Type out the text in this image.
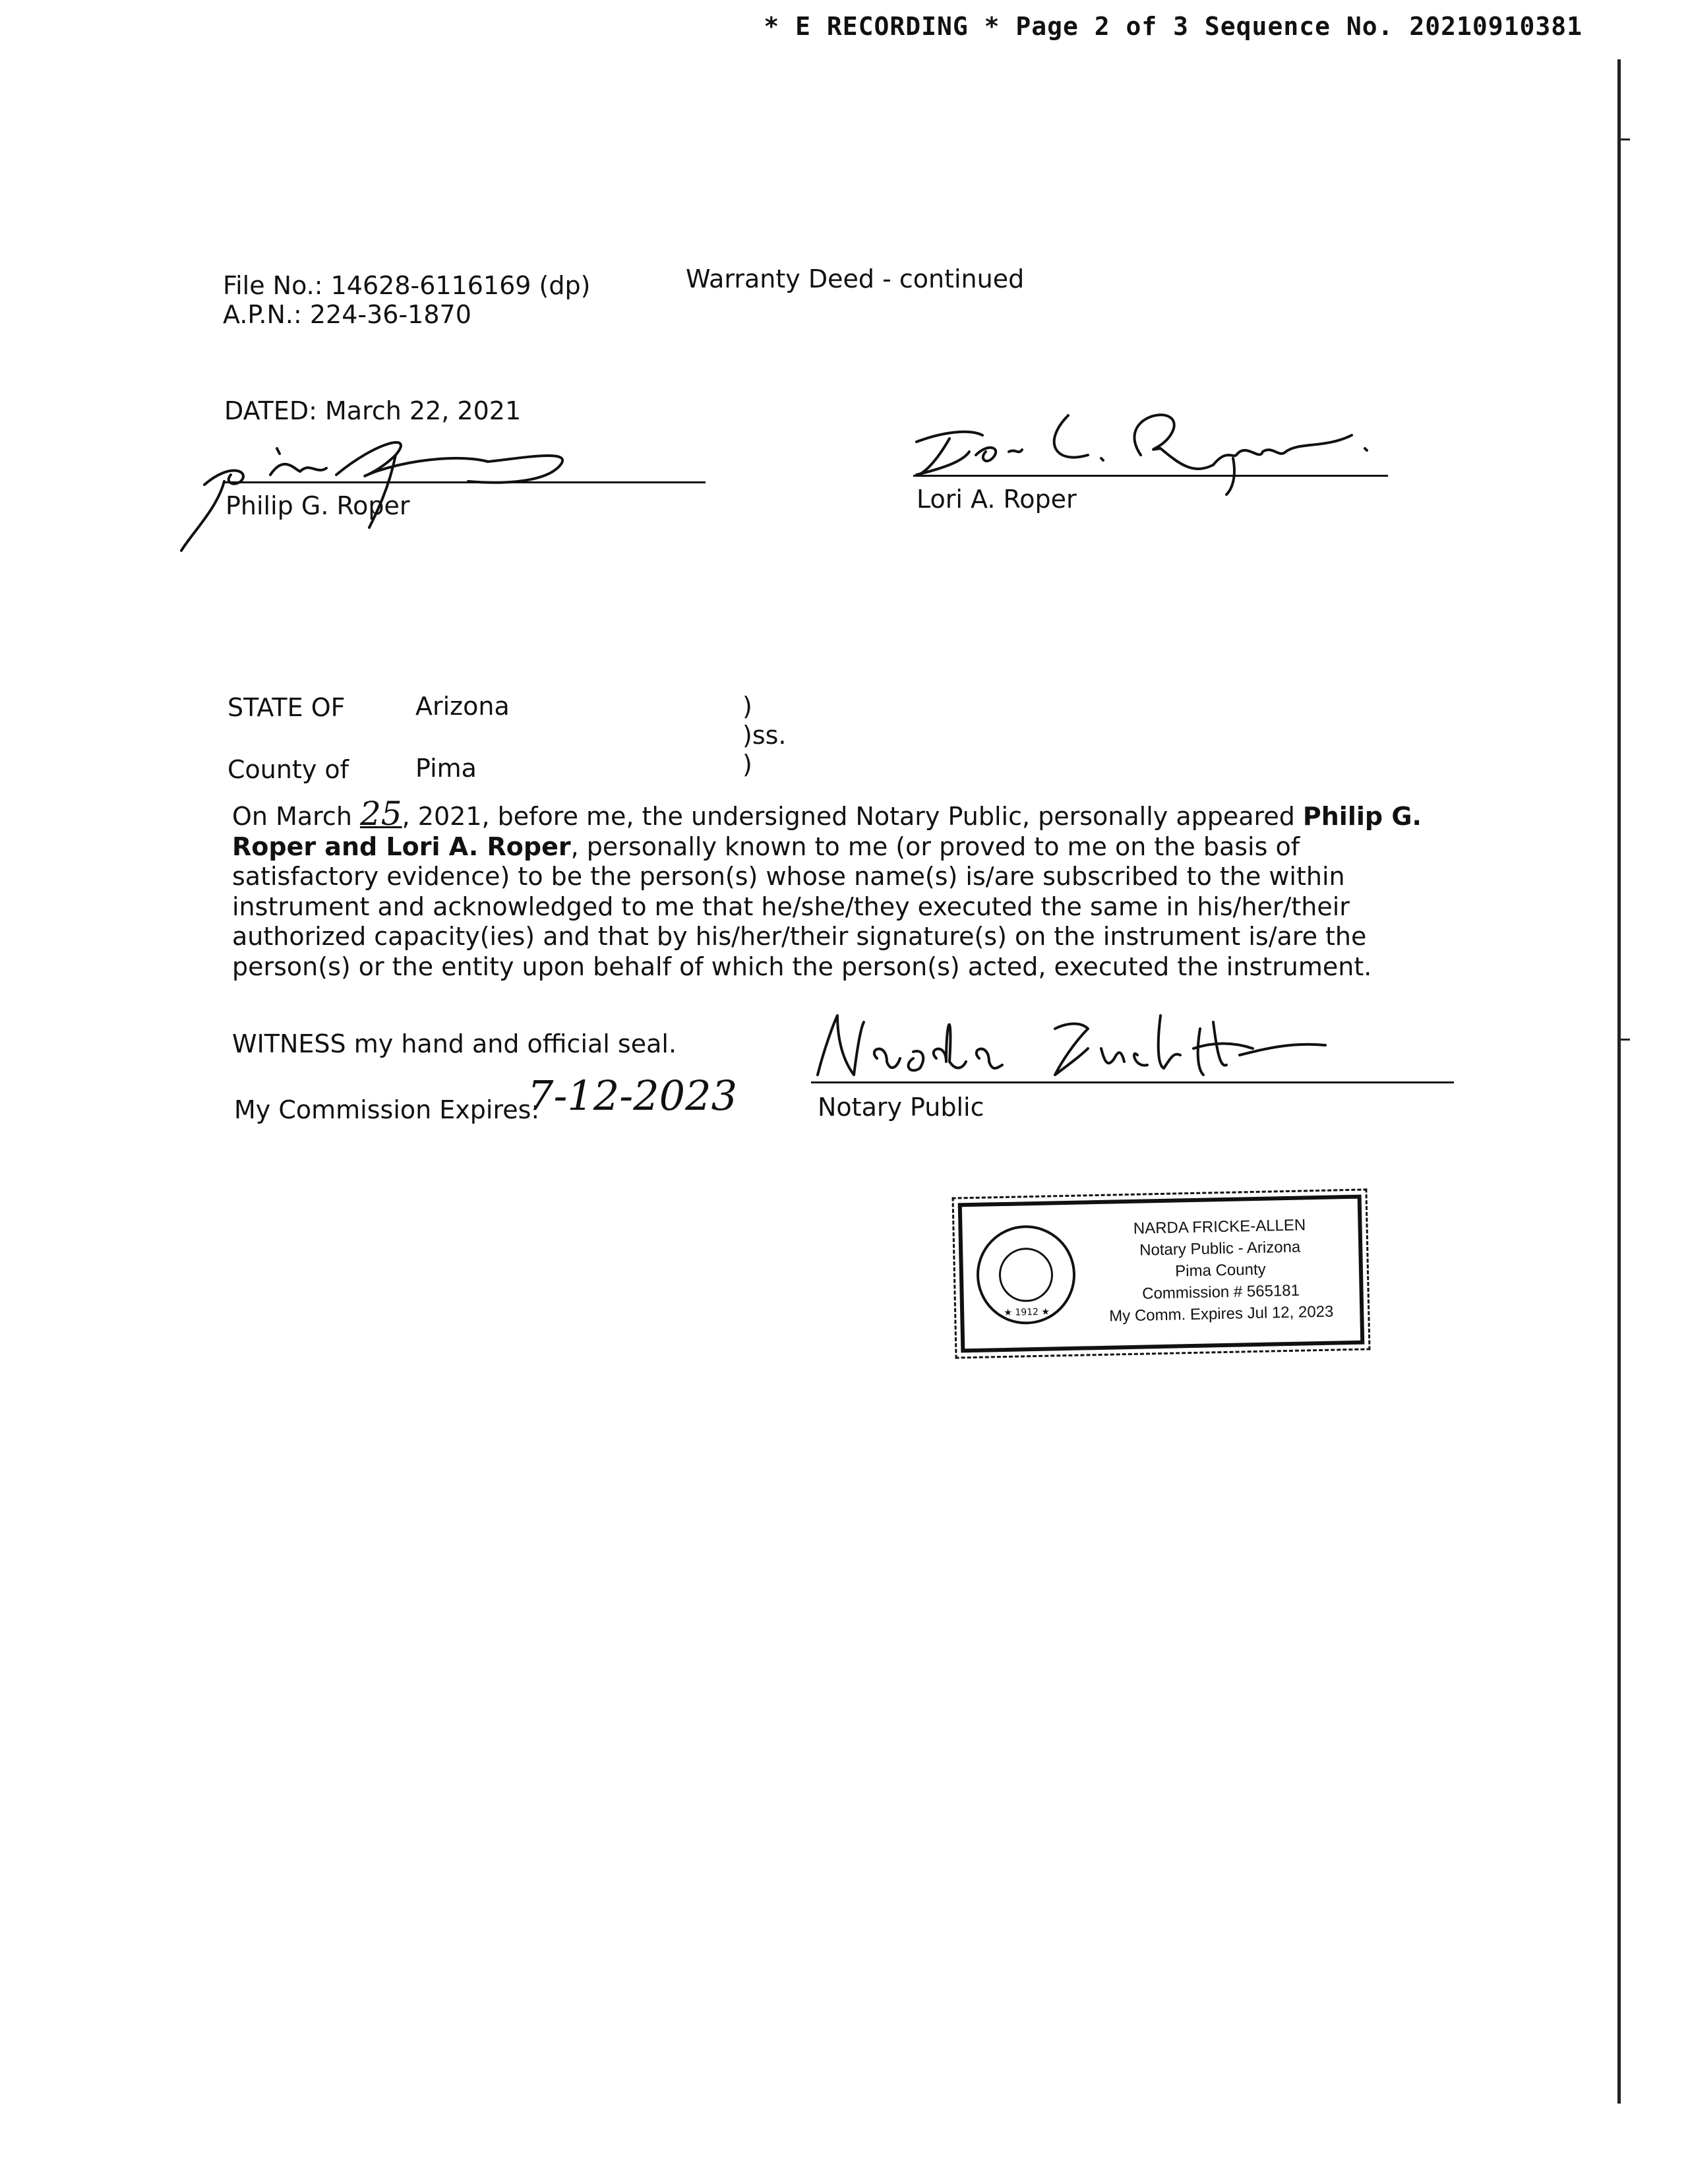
* E RECORDING * Page 2 of 3 Sequence No. 20210910381
File No.: 14628-6116169 (dp)
A.P.N.: 224-36-1870
Warranty Deed - continued
DATED: March 22, 2021
Philip G. Roper	Lori A. Roper
STATE OF	Arizona
County of	Pima
)
)ss.
)
On March 25, 2021, before me, the undersigned Notary Public, personally appeared Philip G. Roper and Lori A. Roper, personally known to me (or proved to me on the basis of satisfactory evidence) to be the person(s) whose name(s) is/are subscribed to the within instrument and acknowledged to me that he/she/they executed the same in his/her/their authorized capacity(ies) and that by his/her/their signature(s) on the instrument is/are the person(s) or the entity upon behalf of which the person(s) acted, executed the instrument.
WITNESS my hand and official seal.
My Commission Expires:
7-12-2023	Notary Public
★ 1912 ★
NARDA FRICKE-ALLEN
Notary Public - Arizona
Pima County
Commission # 565181
My Comm. Expires Jul 12, 2023
